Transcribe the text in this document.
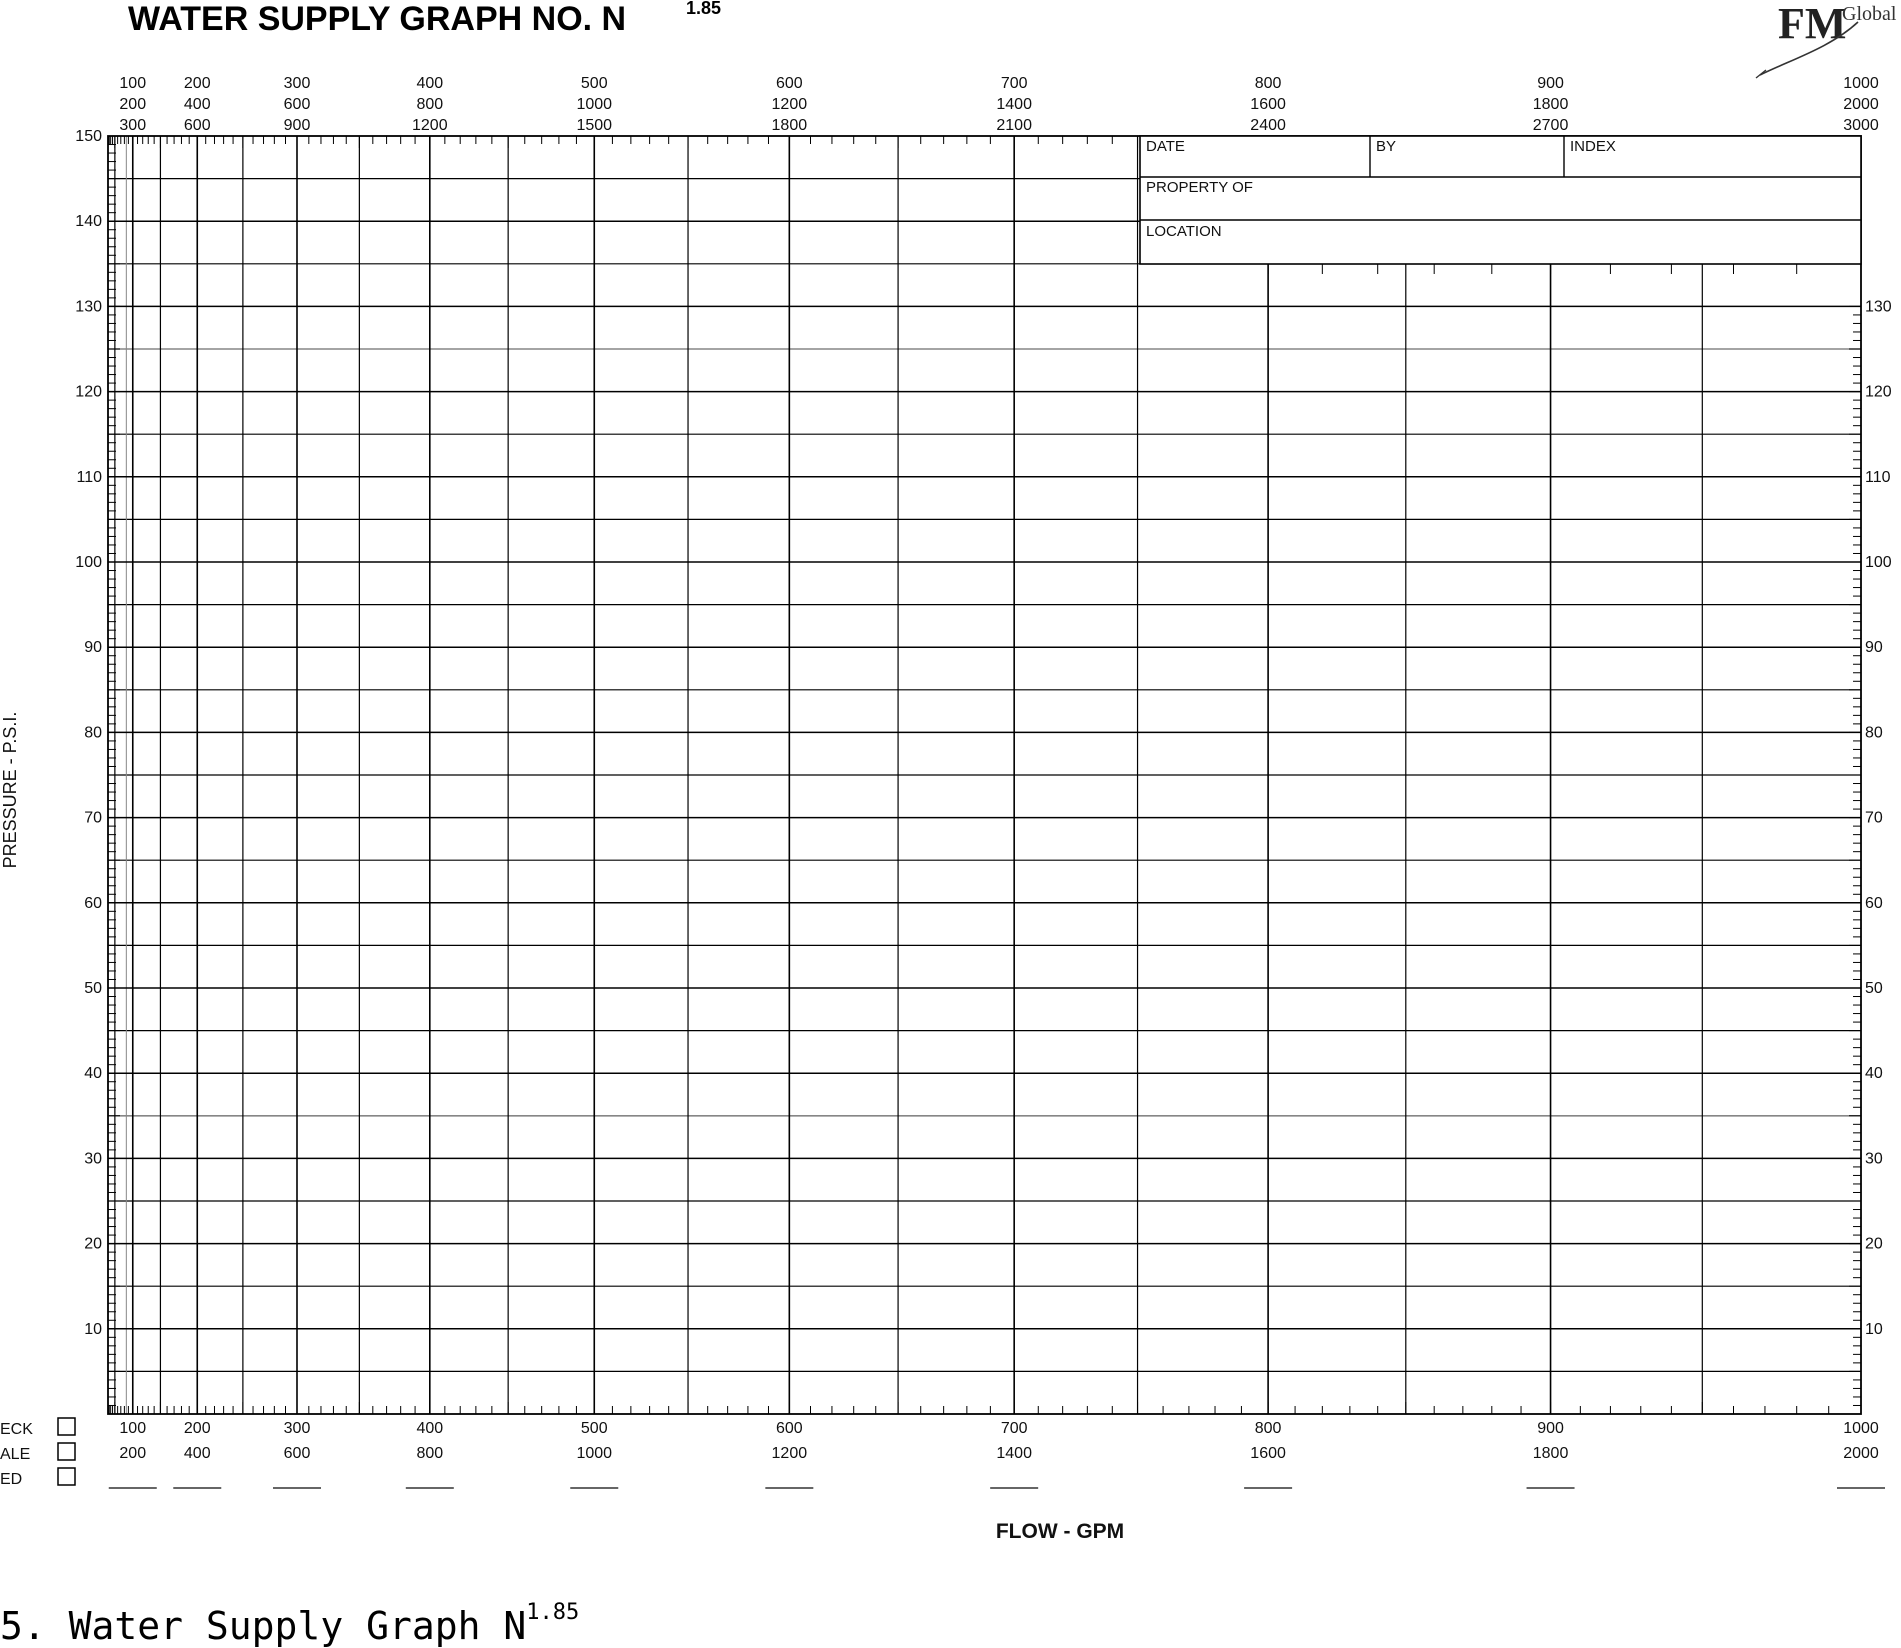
WATER SUPPLY GRAPH NO. N	1.85	FM
Global
150
140
130
120
110
100
90
80
70
60
50
40
30
20
10
130
120
110
100
90
80
70
60
50
40
30
20
10
100 200	300	400	500	600	700	800	900	1000
200 400	600	800	1000	1200	1400	1600	1800	2000
300 600	900	1200	1500	1800	2100	2400	2700	3000
100 200	300	400	500	600	700	800	900	1000
200 400	600	800	1000	1200	1400	1600	1800	2000
DATE	BY	INDEX
PROPERTY OF
LOCATION
PRESSURE - P.S.I.
FLOW - GPM
ECK
ALE
ED
5. Water Supply Graph $N^{1.85}$
